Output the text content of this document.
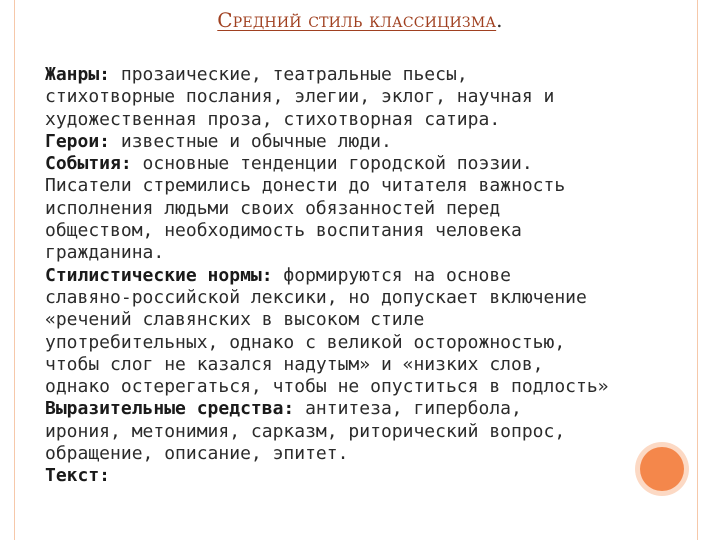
Средний стиль классицизма.

Жанры: прозаические, театральные пьесы,
стихотворные послания, элегии, эклог, научная и
художественная проза, стихотворная сатира.

Герои: известные и обычные люди.

События: основные тенденции городской поэзии.
Писатели стремились донести до читателя важность
исполнения людьми своих обязанностей перед
обществом, необходимость воспитания человека
гражданина.

Стилистические нормы: формируются на основе
славяно-российской лексики, но допускает включение
«речений славянских в высоком стиле
употребительных, однако с великой осторожностью,
чтобы слог не казался надутым» и «низких слов,
однако остерегаться, чтобы не опуститься в подлость»

Выразительные средства: антитеза, гипербола,
ирония, метонимия, сарказм, риторический вопрос,
обращение, описание, эпитет.

Текст:
